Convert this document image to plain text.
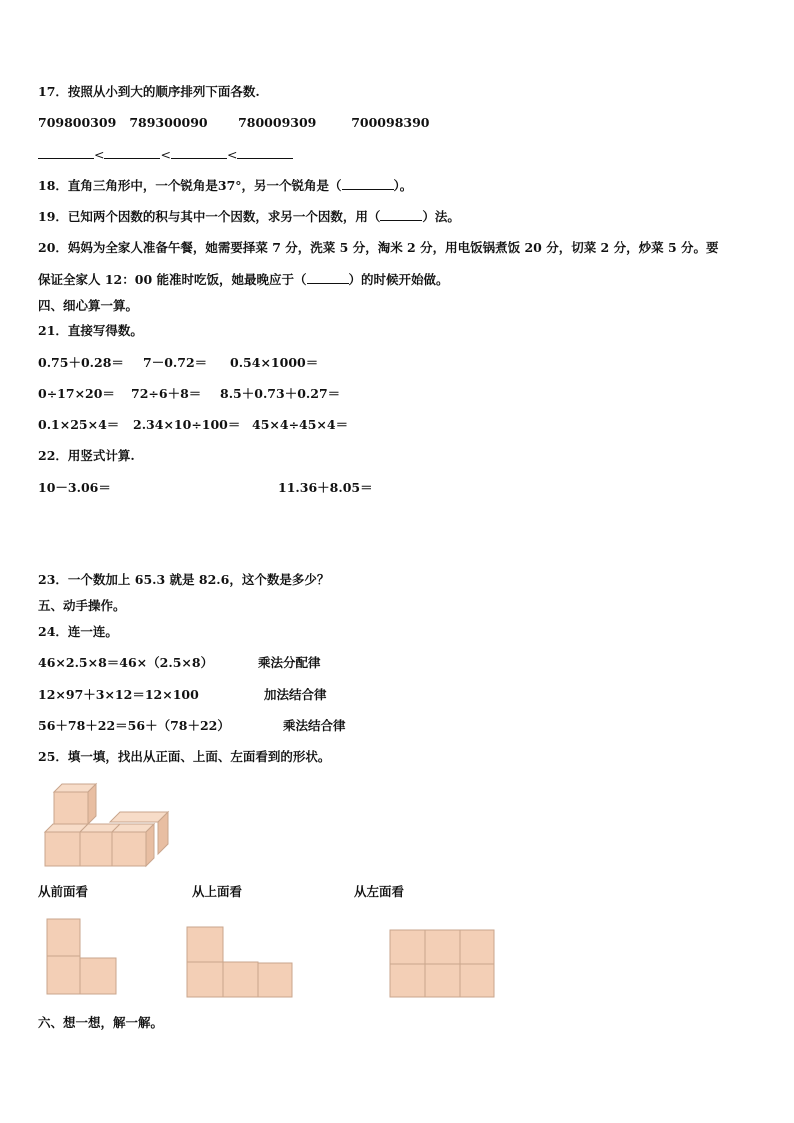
17．按照从小到大的顺序排列下面各数.
709800309 789300090 780009309	700098390
<	<	<
18．直角三角形中，一个锐角是37°，另一个锐角是（	）。
19．已知两个因数的积与其中一个因数，求另一个因数，用（	）法。
20．妈妈为全家人准备午餐，她需要择菜 7 分，洗菜 5 分，淘米 2 分，用电饭锅煮饭 20 分，切菜 2 分，炒菜 5 分。要
保证全家人 12：00 能准时吃饭，她最晚应于（	）的时候开始做。
四、细心算一算。
21．直接写得数。
0.75＋0.28＝ 7－0.72＝ 0.54×1000＝
0÷17×20＝ 72÷6＋8＝ 8.5＋0.73＋0.27＝
0.1×25×4＝ 2.34×10÷100＝ 45×4÷45×4＝
22．用竖式计算.
10－3.06＝	11.36＋8.05＝
23．一个数加上 65.3 就是 82.6，这个数是多少？
五、动手操作。
24．连一连。
46×2.5×8＝46×（2.5×8）	乘法分配律
12×97＋3×12＝12×100	加法结合律
56＋78＋22＝56＋（78＋22）	乘法结合律
25．填一填，找出从正面、上面、左面看到的形状。
从前面看	从上面看	从左面看
六、想一想，解一解。
